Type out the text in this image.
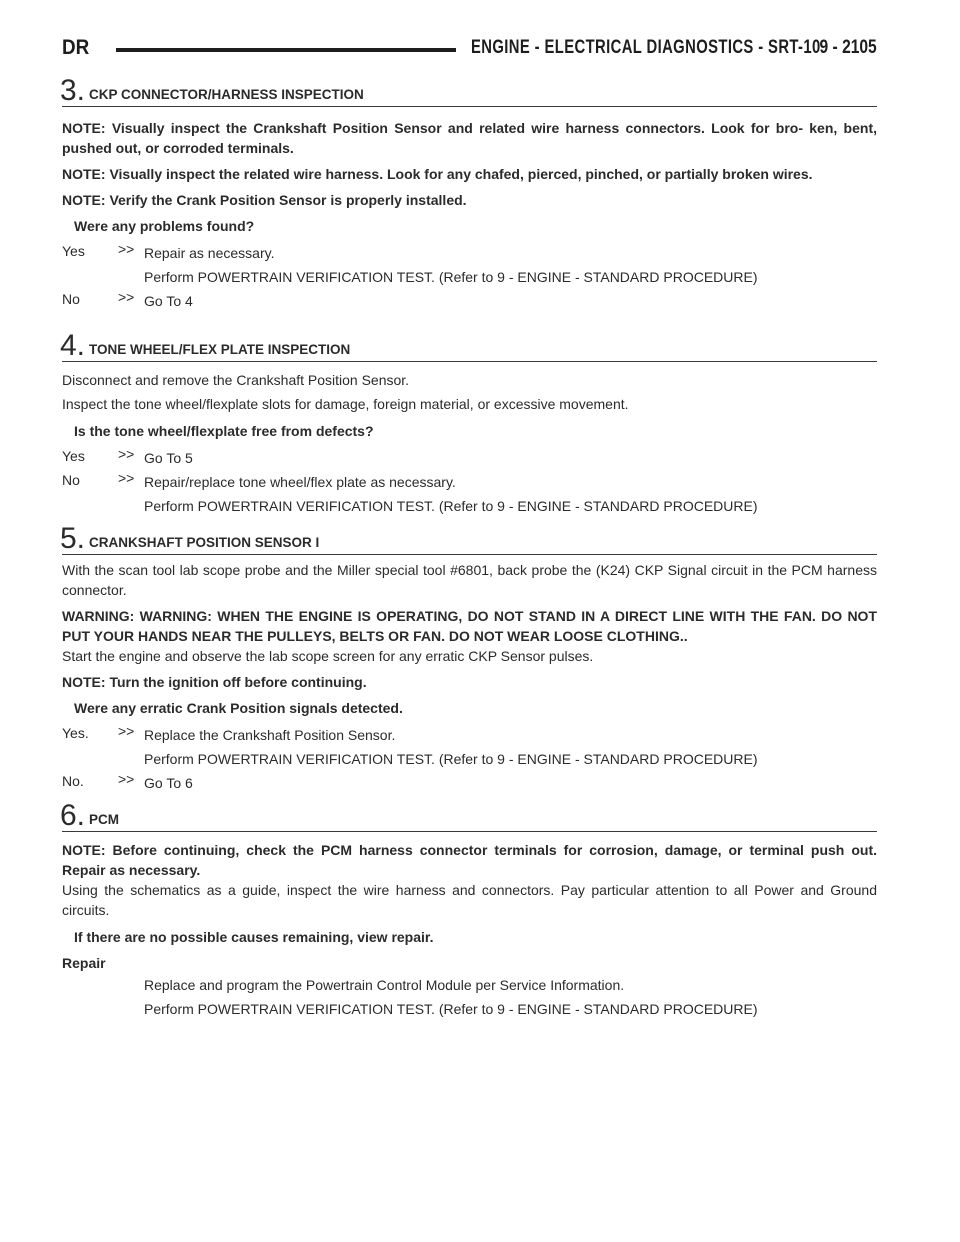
DR	ENGINE - ELECTRICAL DIAGNOSTICS - SRT-10 9 - 2105
3. CKP CONNECTOR/HARNESS INSPECTION

NOTE: Visually inspect the Crankshaft Position Sensor and related wire harness connectors. Look for bro- ken, bent, pushed out, or corroded terminals.

NOTE: Visually inspect the related wire harness. Look for any chafed, pierced, pinched, or partially broken wires.

NOTE: Verify the Crank Position Sensor is properly installed.

Were any problems found?

Yes >> Repair as necessary.
Perform POWERTRAIN VERIFICATION TEST. (Refer to 9 - ENGINE - STANDARD PROCEDURE)
No	>> Go To 4
4. TONE WHEEL/FLEX PLATE INSPECTION

Disconnect and remove the Crankshaft Position Sensor.

Inspect the tone wheel/flexplate slots for damage, foreign material, or excessive movement.

Is the tone wheel/flexplate free from defects?

Yes >> Go To 5
No	>> Repair/replace tone wheel/flex plate as necessary.
Perform POWERTRAIN VERIFICATION TEST. (Refer to 9 - ENGINE - STANDARD PROCEDURE)
5. CRANKSHAFT POSITION SENSOR I

With the scan tool lab scope probe and the Miller special tool #6801, back probe the (K24) CKP Signal circuit in the PCM harness connector.

WARNING: WARNING: WHEN THE ENGINE IS OPERATING, DO NOT STAND IN A DIRECT LINE WITH THE FAN. DO NOT PUT YOUR HANDS NEAR THE PULLEYS, BELTS OR FAN. DO NOT WEAR LOOSE CLOTHING..

Start the engine and observe the lab scope screen for any erratic CKP Sensor pulses.

NOTE: Turn the ignition off before continuing.

Were any erratic Crank Position signals detected.

Yes. >> Replace the Crankshaft Position Sensor.
Perform POWERTRAIN VERIFICATION TEST. (Refer to 9 - ENGINE - STANDARD PROCEDURE)
No. >> Go To 6
6. PCM

NOTE: Before continuing, check the PCM harness connector terminals for corrosion, damage, or terminal push out. Repair as necessary.

Using the schematics as a guide, inspect the wire harness and connectors. Pay particular attention to all Power and Ground circuits.

If there are no possible causes remaining, view repair.

Repair
Replace and program the Powertrain Control Module per Service Information.
Perform POWERTRAIN VERIFICATION TEST. (Refer to 9 - ENGINE - STANDARD PROCEDURE)
